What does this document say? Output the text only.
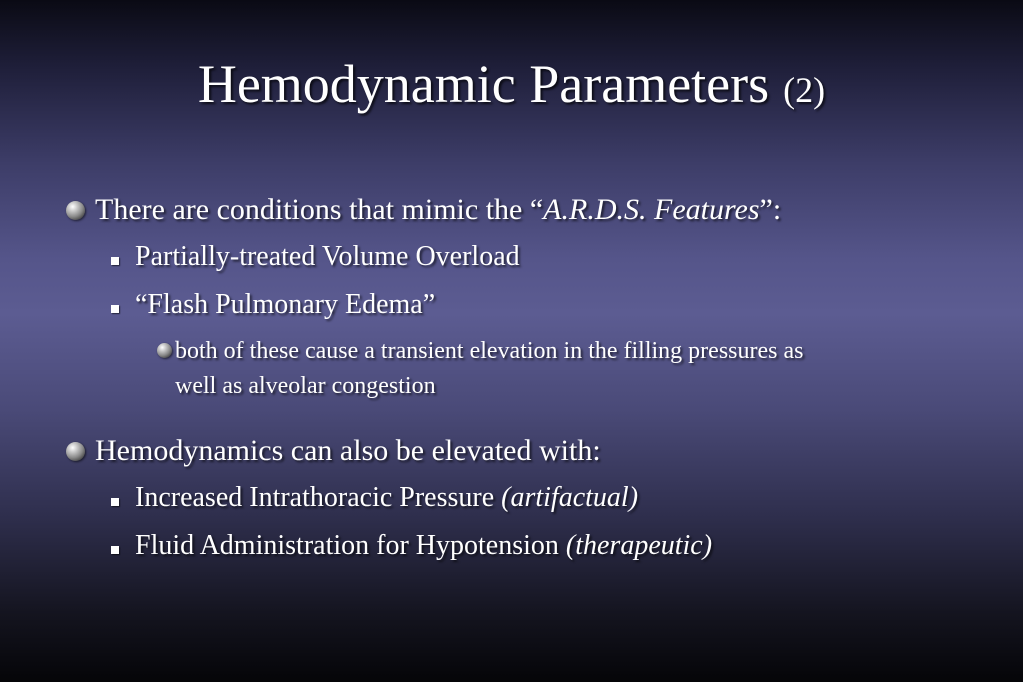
Hemodynamic Parameters (2)
There are conditions that mimic the “A.R.D.S. Features”:
Partially-treated Volume Overload
“Flash Pulmonary Edema”
both of these cause a transient elevation in the filling pressures as
well as alveolar congestion
Hemodynamics can also be elevated with:
Increased Intrathoracic Pressure (artifactual)
Fluid Administration for Hypotension (therapeutic)
